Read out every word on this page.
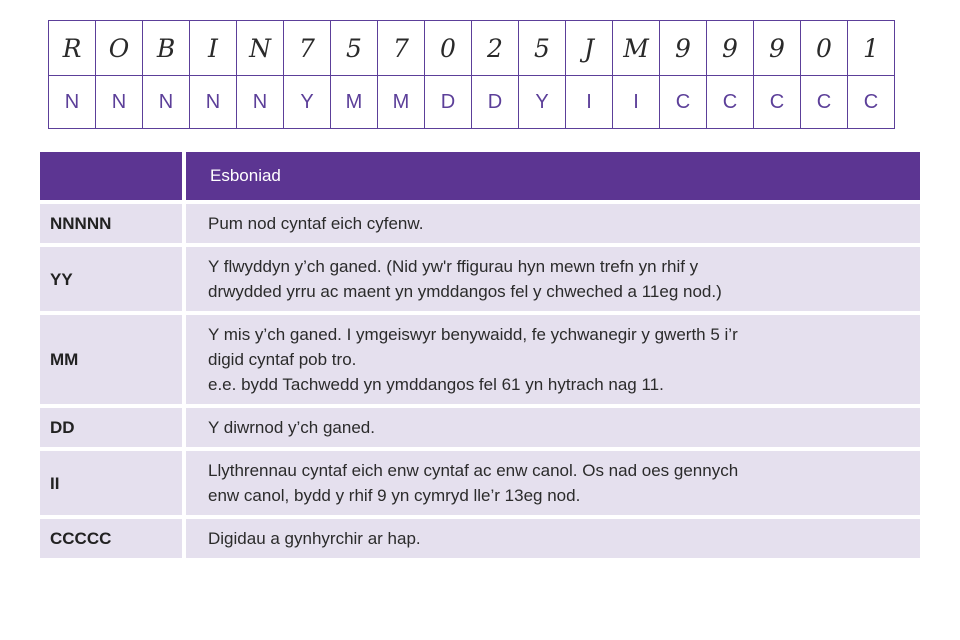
R	O	B	I	N	7	5	7	0	2	5	J	M	9	9	9	0	1
N	N	N	N	N	Y	M	M	D	D	Y	I	I	C	C	C	C	C
	Esboniad
NNNNN	Pum nod cyntaf eich cyfenw.

YY	Y flwyddyn y’ch ganed. (Nid yw'r ffigurau hyn mewn trefn yn rhif y
drwydded yrru ac maent yn ymddangos fel y chweched a 11eg nod.)

MM	Y mis y’ch ganed. I ymgeiswyr benywaidd, fe ychwanegir y gwerth 5 i’r
digid cyntaf pob tro.
e.e. bydd Tachwedd yn ymddangos fel 61 yn hytrach nag 11.

DD	Y diwrnod y’ch ganed.

II	Llythrennau cyntaf eich enw cyntaf ac enw canol. Os nad oes gennych
enw canol, bydd y rhif 9 yn cymryd lle’r 13eg nod.

CCCCC	Digidau a gynhyrchir ar hap.
